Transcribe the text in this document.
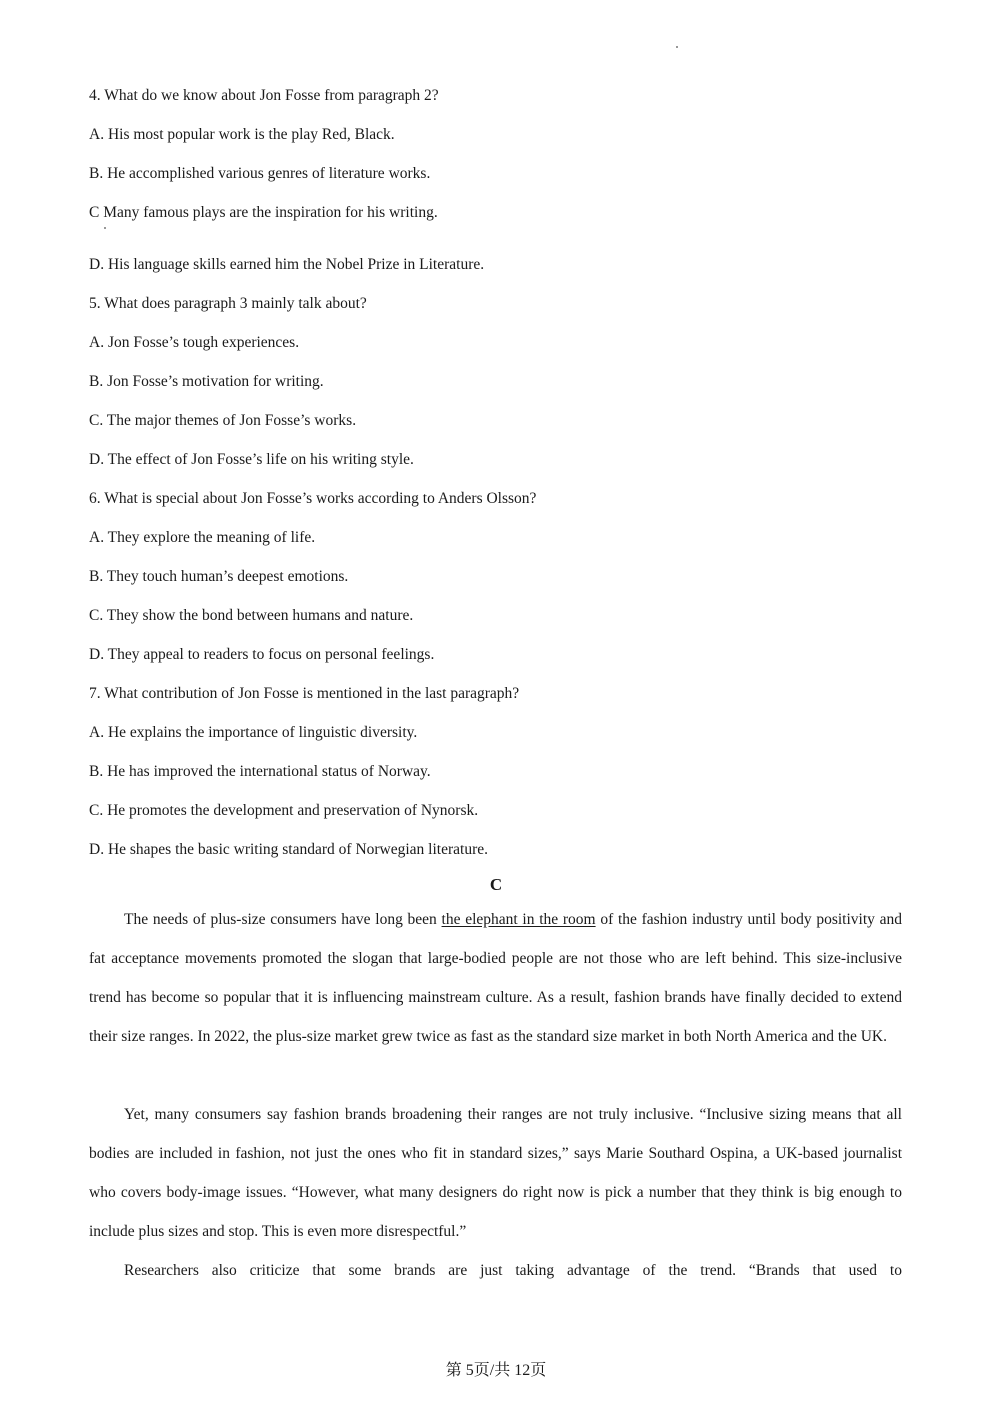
4. What do we know about Jon Fosse from paragraph 2?
A. His most popular work is the play Red, Black.
B. He accomplished various genres of literature works.
C Many famous plays are the inspiration for his writing.
D. His language skills earned him the Nobel Prize in Literature.
5. What does paragraph 3 mainly talk about?
A. Jon Fosse’s tough experiences.
B. Jon Fosse’s motivation for writing.
C. The major themes of Jon Fosse’s works.
D. The effect of Jon Fosse’s life on his writing style.
6. What is special about Jon Fosse’s works according to Anders Olsson?
A. They explore the meaning of life.
B. They touch human’s deepest emotions.
C. They show the bond between humans and nature.
D. They appeal to readers to focus on personal feelings.
7. What contribution of Jon Fosse is mentioned in the last paragraph?
A. He explains the importance of linguistic diversity.
B. He has improved the international status of Norway.
C. He promotes the development and preservation of Nynorsk.
D. He shapes the basic writing standard of Norwegian literature.
C

The needs of plus-size consumers have long been the elephant in the room of the fashion industry until body positivity and fat acceptance movements promoted the slogan that large-bodied people are not those who are left behind. This size-inclusive trend has become so popular that it is influencing mainstream culture. As a result, fashion brands have finally decided to extend their size ranges. In 2022, the plus-size market grew twice as fast as the standard size market in both North America and the UK.

Yet, many consumers say fashion brands broadening their ranges are not truly inclusive. “Inclusive sizing means that all bodies are included in fashion, not just the ones who fit in standard sizes,” says Marie Southard Ospina, a UK-based journalist who covers body-image issues. “However, what many designers do right now is pick a number that they think is big enough to include plus sizes and stop. This is even more disrespectful.”

Researchers also criticize that some brands are just taking advantage of the trend. “Brands that used to

第 5页/共 12页
